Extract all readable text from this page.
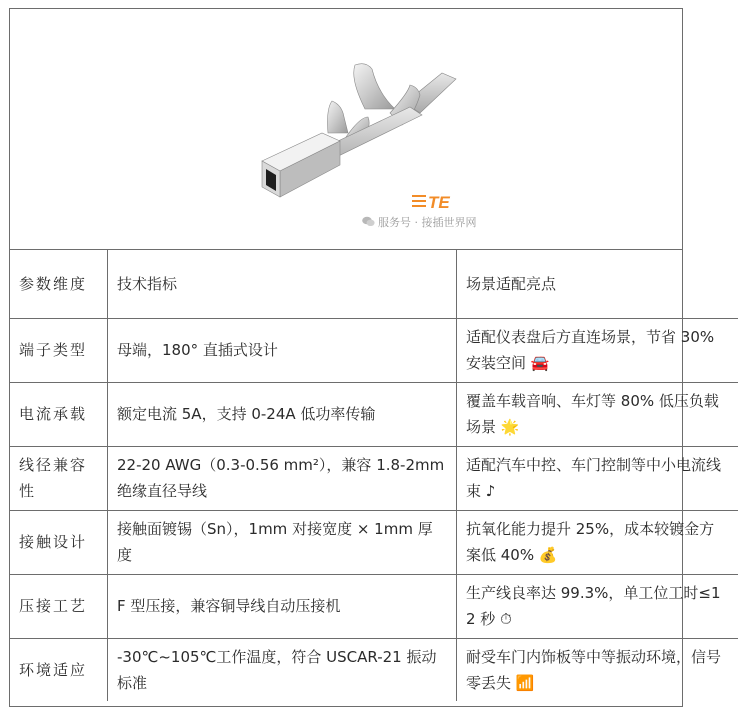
TE
服务号 · 接插世界网
参数维度	技术指标	场景适配亮点
端子类型	母端，180° 直插式设计	适配仪表盘后方直连场景，节省 30% 安装空间 🚘
电流承载	额定电流 5A，支持 0-24A 低功率传输	覆盖车载音响、车灯等 80% 低压负载场景 🌟
线径兼容性	22-20 AWG（0.3-0.56 mm²），兼容 1.8-2mm 绝缘直径导线	适配汽车中控、车门控制等中小电流线束 ♪
接触设计	接触面镀锡（Sn），1mm 对接宽度 × 1mm 厚度	抗氧化能力提升 25%，成本较镀金方案低 40% 💰
压接工艺	F 型压接，兼容铜导线自动压接机	生产线良率达 99.3%，单工位工时≤12 秒 ⏱
环境适应	-30℃~105℃工作温度，符合 USCAR-21 振动标准	耐受车门内饰板等中等振动环境，信号零丢失 📶
